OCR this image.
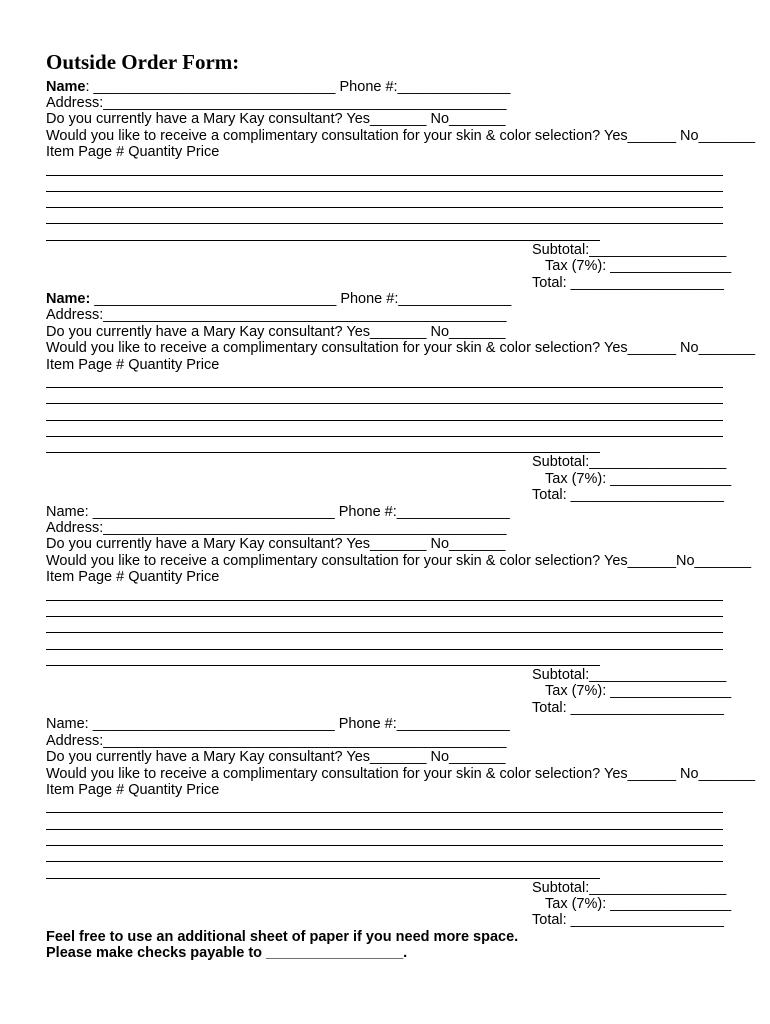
Outside Order Form:
Name: ______________________________ Phone #:______________
Address:__________________________________________________
Do you currently have a Mary Kay consultant? Yes_______ No_______
Would you like to receive a complimentary consultation for your skin & color selection? Yes______ No_______
Item Page # Quantity Price
Subtotal:_________________
Tax (7%): _______________
Total: ___________________
Name: ______________________________ Phone #:______________
Address:__________________________________________________
Do you currently have a Mary Kay consultant? Yes_______ No_______
Would you like to receive a complimentary consultation for your skin & color selection? Yes______ No_______
Item Page # Quantity Price
Subtotal:_________________
Tax (7%): _______________
Total: ___________________
Name: ______________________________ Phone #:______________
Address:__________________________________________________
Do you currently have a Mary Kay consultant? Yes_______ No_______
Would you like to receive a complimentary consultation for your skin & color selection? Yes______No_______
Item Page # Quantity Price
Subtotal:_________________
Tax (7%): _______________
Total: ___________________
Name: ______________________________ Phone #:______________
Address:__________________________________________________
Do you currently have a Mary Kay consultant? Yes_______ No_______
Would you like to receive a complimentary consultation for your skin & color selection? Yes______ No_______
Item Page # Quantity Price
Subtotal:_________________
Tax (7%): _______________
Total: ___________________
Feel free to use an additional sheet of paper if you need more space.
Please make checks payable to _________________.
